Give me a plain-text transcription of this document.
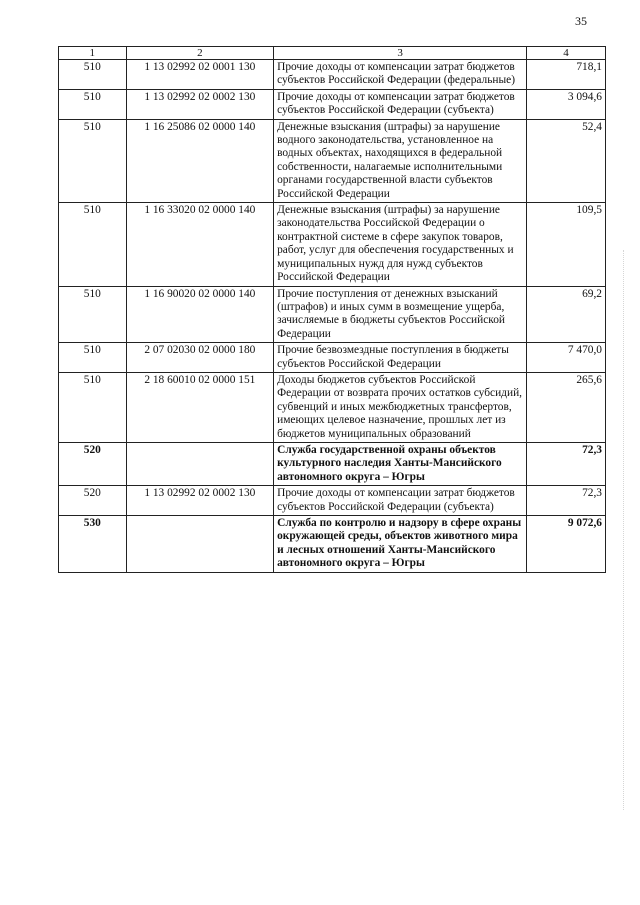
35
1	2	3	4
510	1 13 02992 02 0001 130	Прочие доходы от компенсации затрат бюджетов субъектов Российской Федерации (федеральные)	718,1
510	1 13 02992 02 0002 130	Прочие доходы от компенсации затрат бюджетов субъектов Российской Федерации (субъекта)	3 094,6
510	1 16 25086 02 0000 140	Денежные взыскания (штрафы) за нарушение водного законодательства, установленное на водных объектах, находящихся в федеральной собственности, налагаемые исполнительными органами государственной власти субъектов Российской Федерации	52,4
510	1 16 33020 02 0000 140	Денежные взыскания (штрафы) за нарушение законодательства Российской Федерации о контрактной системе в сфере закупок товаров, работ, услуг для обеспечения государственных и муниципальных нужд для нужд субъектов Российской Федерации	109,5
510	1 16 90020 02 0000 140	Прочие поступления от денежных взысканий (штрафов) и иных сумм в возмещение ущерба, зачисляемые в бюджеты субъектов Российской Федерации	69,2
510	2 07 02030 02 0000 180	Прочие безвозмездные поступления в бюджеты субъектов Российской Федерации	7 470,0
510	2 18 60010 02 0000 151	Доходы бюджетов субъектов Российской Федерации от возврата прочих остатков субсидий, субвенций и иных межбюджетных трансфертов, имеющих целевое назначение, прошлых лет из бюджетов муниципальных образований	265,6
520		Служба государственной охраны объектов культурного наследия Ханты-Мансийского автономного округа – Югры	72,3
520	1 13 02992 02 0002 130	Прочие доходы от компенсации затрат бюджетов субъектов Российской Федерации (субъекта)	72,3
530		Служба по контролю и надзору в сфере охраны окружающей среды, объектов животного мира и лесных отношений Ханты-Мансийского автономного округа – Югры	9 072,6
